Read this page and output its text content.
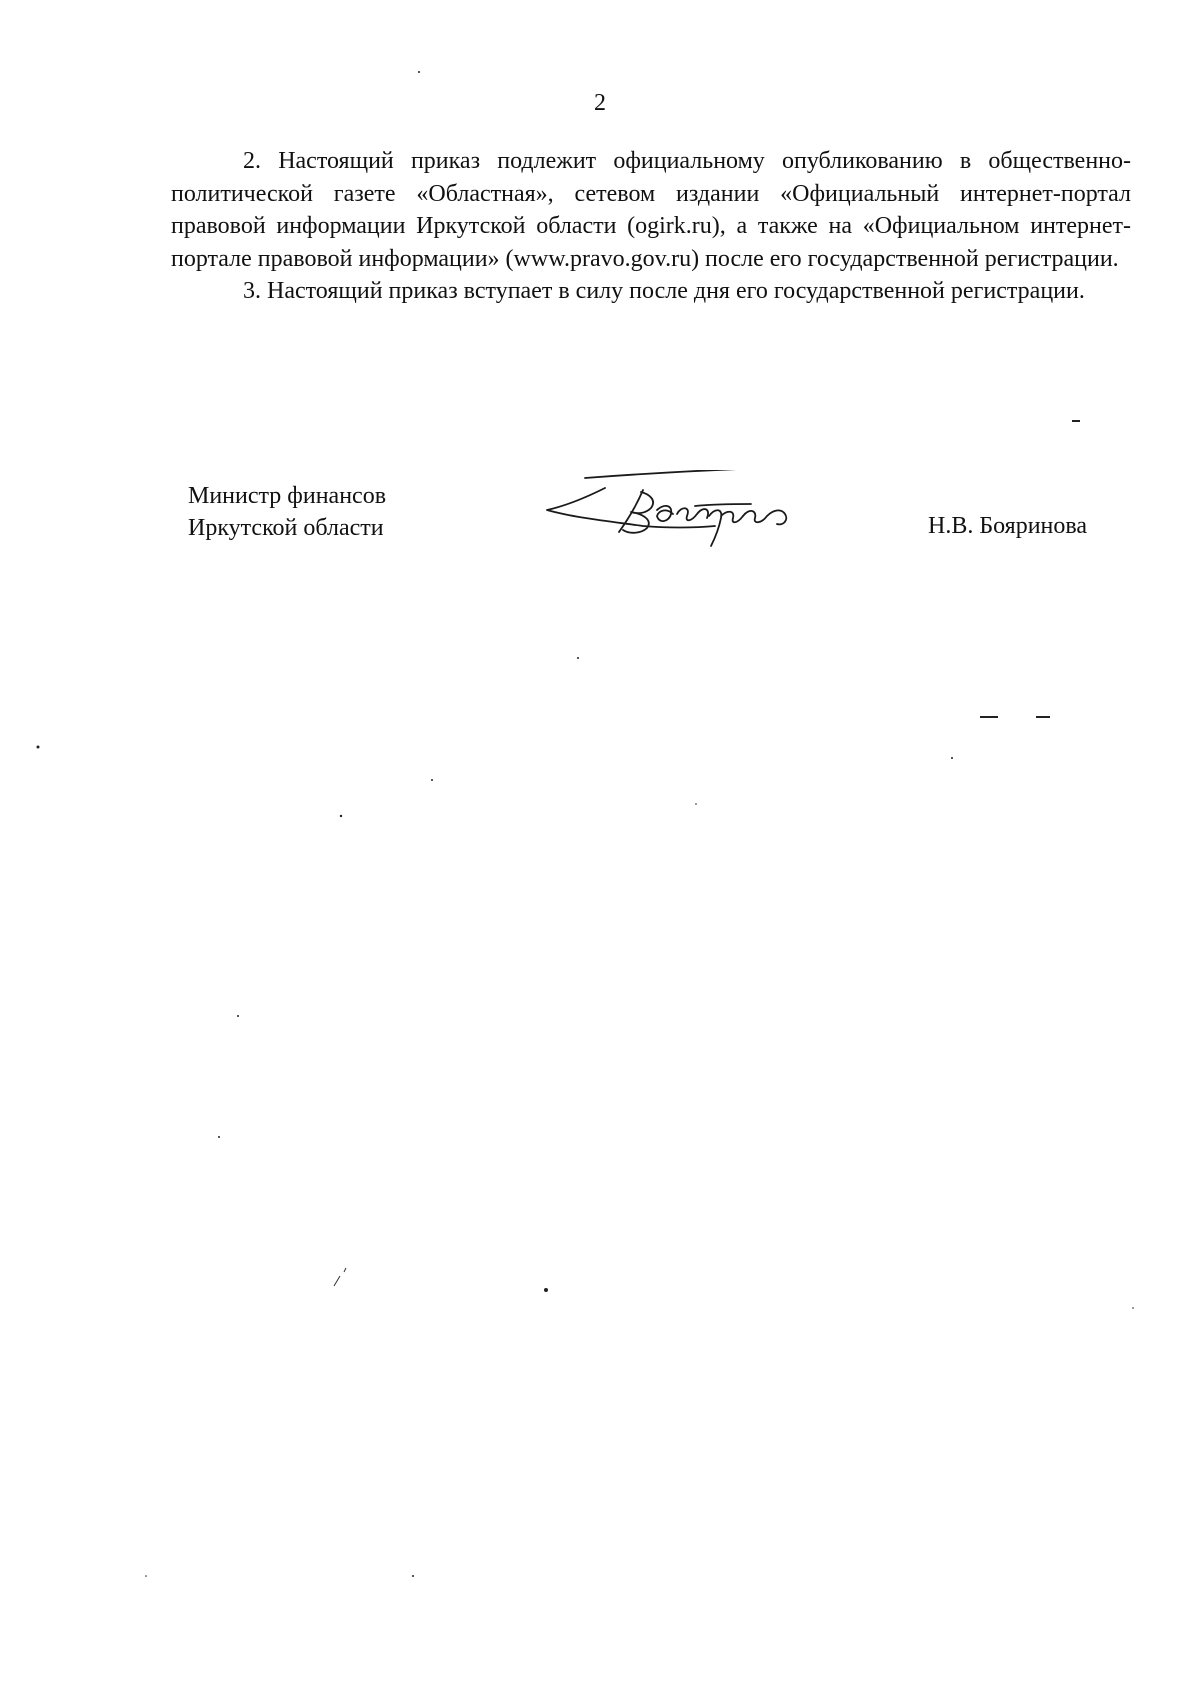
2

2. Настоящий приказ подлежит официальному опубликованию в общественно-политической газете «Областная», сетевом издании «Официальный интернет-портал правовой информации Иркутской области (ogirk.ru), а также на «Официальном интернет-портале правовой информации» (www.pravo.gov.ru) после его государственной регистрации.

3. Настоящий приказ вступает в силу после дня его государственной регистрации.

Министр финансов
Иркутской области	Н.В. Бояринова
